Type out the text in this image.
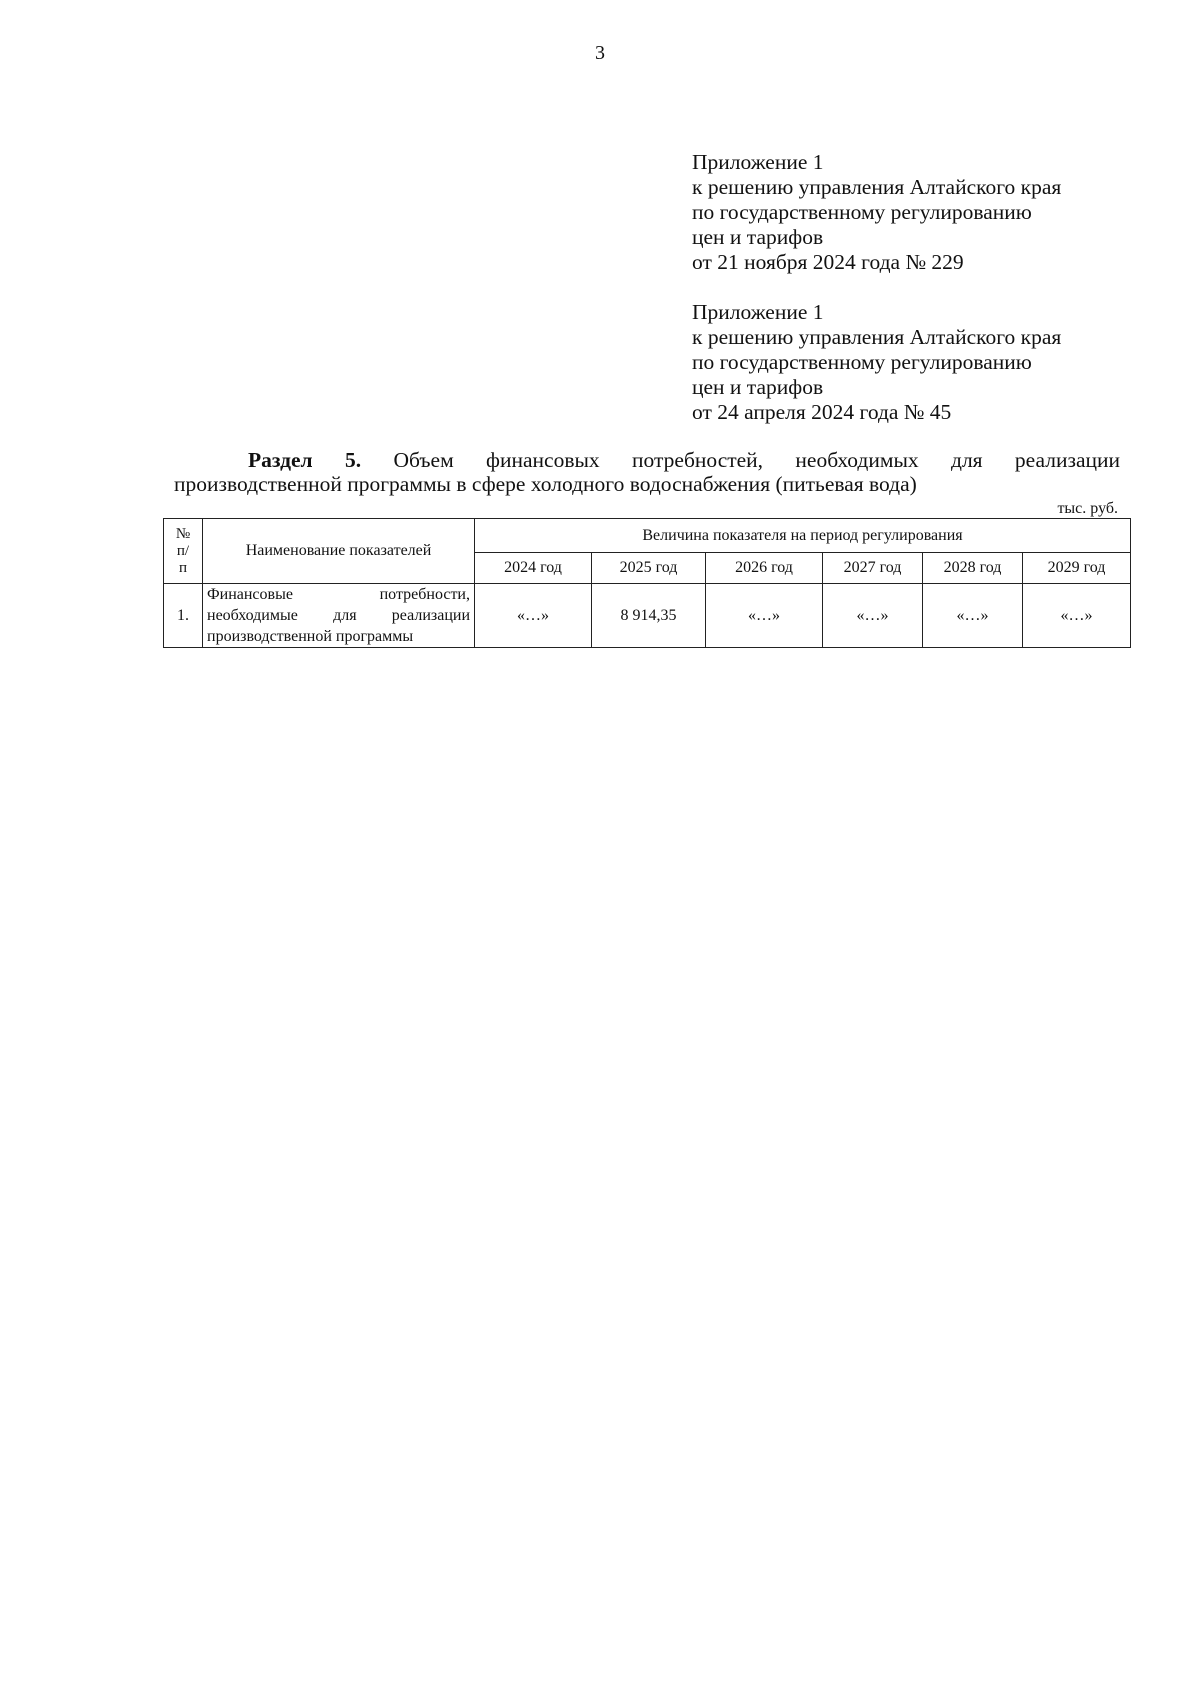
3
Приложение 1
к решению управления Алтайского края
по государственному регулированию
цен и тарифов
от 21 ноября 2024 года № 229
Приложение 1
к решению управления Алтайского края
по государственному регулированию
цен и тарифов
от 24 апреля 2024 года № 45
Раздел 5. Объем финансовых потребностей, необходимых для реализации
производственной программы в сфере холодного водоснабжения (питьевая вода)
тыс. руб.
№
п/
п	Наименование показателей	Величина показателя на период регулирования					
		2024 год	2025 год	2026 год	2027 год	2028 год	2029 год
1.	Финансовые потребности,
необходимые для реализации
производственной программы	«…»	8 914,35	«…»	«…»	«…»	«…»
